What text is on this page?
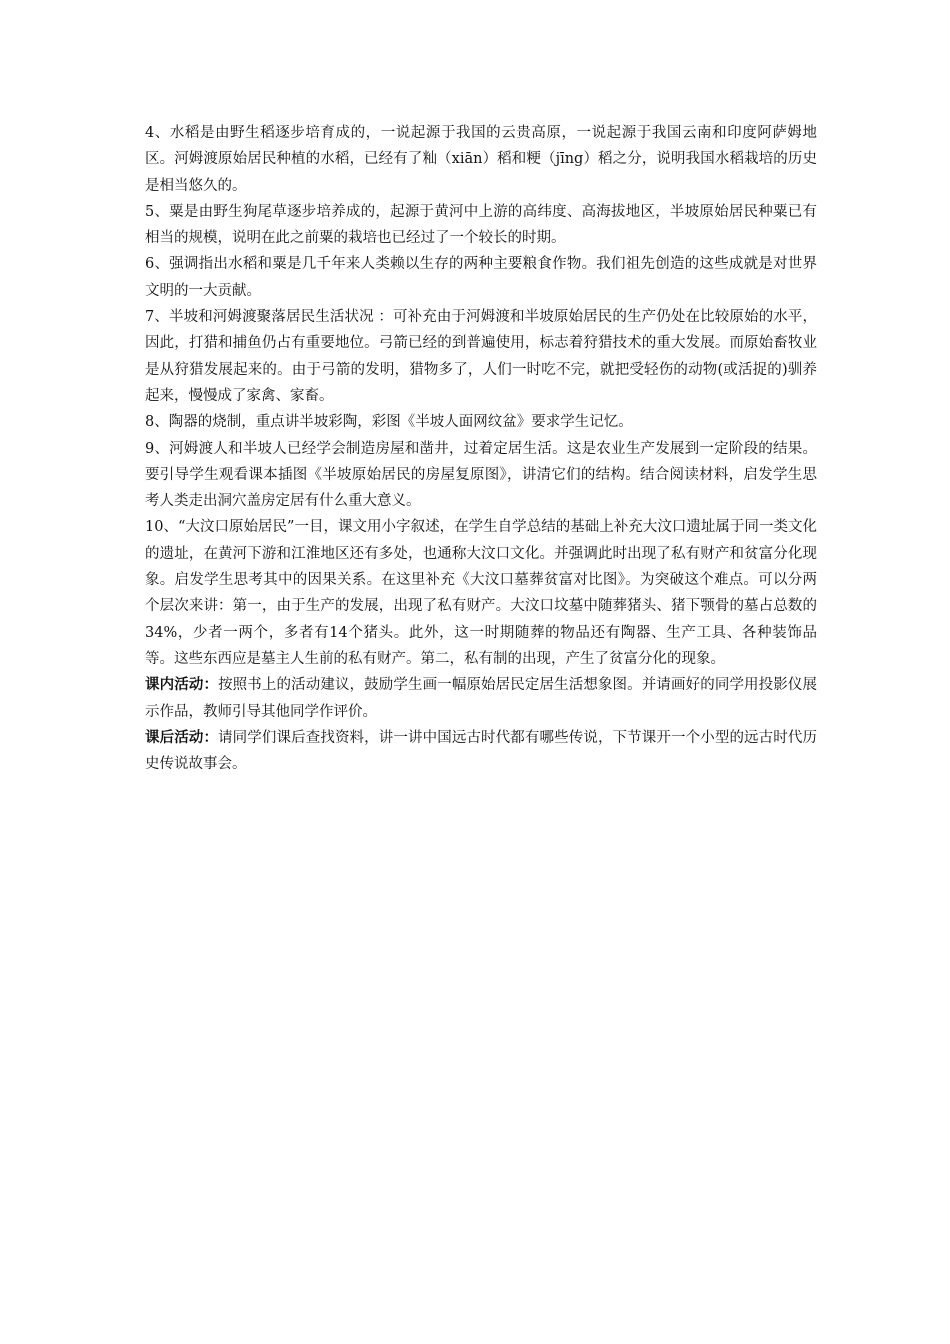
4、水稻是由野生稻逐步培育成的，一说起源于我国的云贵高原，一说起源于我国云南和印度阿萨姆地区。河姆渡原始居民种植的水稻，已经有了籼（xiān）稻和粳（jīng）稻之分，说明我国水稻栽培的历史是相当悠久的。

5、粟是由野生狗尾草逐步培养成的，起源于黄河中上游的高纬度、高海拔地区，半坡原始居民种粟已有相当的规模，说明在此之前粟的栽培也已经过了一个较长的时期。

6、强调指出水稻和粟是几千年来人类赖以生存的两种主要粮食作物。我们祖先创造的这些成就是对世界文明的一大贡献。

7、半坡和河姆渡聚落居民生活状况 ：可补充由于河姆渡和半坡原始居民的生产仍处在比较原始的水平，因此，打猎和捕鱼仍占有重要地位。弓箭已经的到普遍使用，标志着狩猎技术的重大发展。而原始畜牧业是从狩猎发展起来的。由于弓箭的发明，猎物多了，人们一时吃不完，就把受轻伤的动物(或活捉的)驯养起来，慢慢成了家禽、家畜。

8、陶器的烧制，重点讲半坡彩陶，彩图《半坡人面网纹盆》要求学生记忆。

9、河姆渡人和半坡人已经学会制造房屋和凿井，过着定居生活。这是农业生产发展到一定阶段的结果。要引导学生观看课本插图《半坡原始居民的房屋复原图》，讲清它们的结构。结合阅读材料，启发学生思考人类走出洞穴盖房定居有什么重大意义。

10、“大汶口原始居民”一目，课文用小字叙述，在学生自学总结的基础上补充大汶口遗址属于同一类文化的遗址，在黄河下游和江淮地区还有多处，也通称大汶口文化。并强调此时出现了私有财产和贫富分化现象。启发学生思考其中的因果关系。在这里补充《大汶口墓葬贫富对比图》。为突破这个难点。可以分两个层次来讲：第一，由于生产的发展，出现了私有财产。大汶口坟墓中随葬猪头、猪下颚骨的墓占总数的34%，少者一两个，多者有14个猪头。此外，这一时期随葬的物品还有陶器、生产工具、各种装饰品等。这些东西应是墓主人生前的私有财产。第二，私有制的出现，产生了贫富分化的现象。

课内活动：按照书上的活动建议，鼓励学生画一幅原始居民定居生活想象图。并请画好的同学用投影仪展示作品，教师引导其他同学作评价。

课后活动：请同学们课后查找资料，讲一讲中国远古时代都有哪些传说，下节课开一个小型的远古时代历史传说故事会。
